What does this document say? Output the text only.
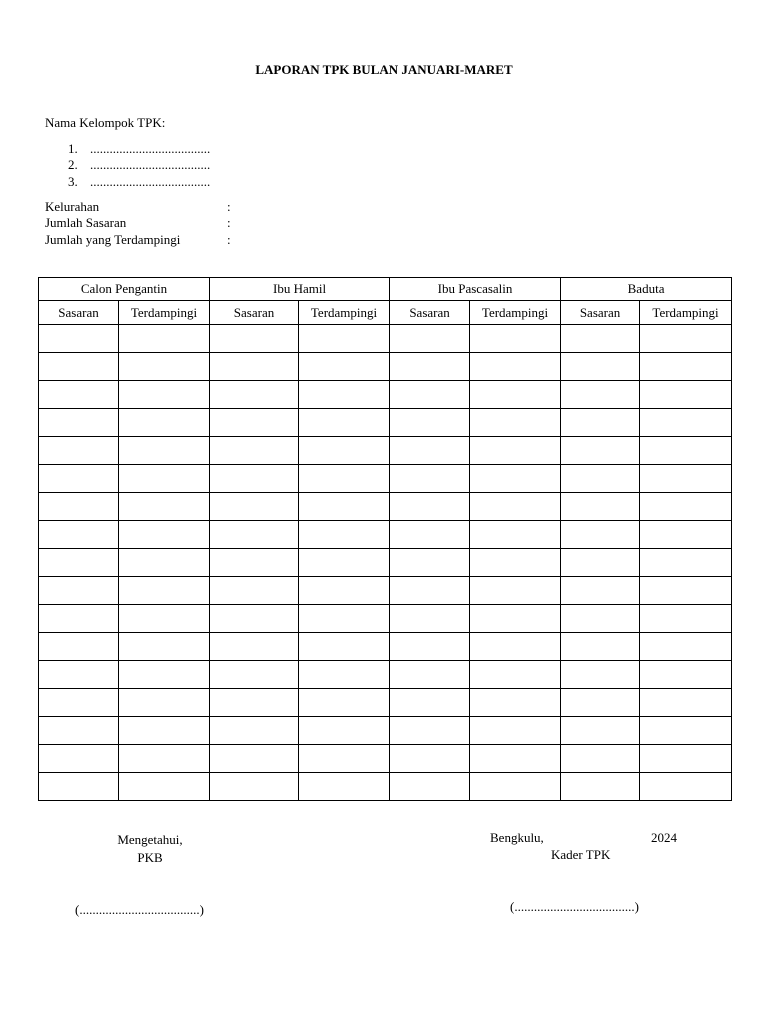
LAPORAN TPK BULAN JANUARI-MARET
Nama Kelompok TPK:
1. .....................................
2. .....................................
3. .....................................
Kelurahan	:
Jumlah Sasaran	:
Jumlah yang Terdampingi	:
Calon Pengantin		Ibu Hamil		Ibu Pascasalin		Baduta	
Sasaran	Terdampingi	Sasaran	Terdampingi	Sasaran	Terdampingi	Sasaran	Terdampingi

Mengetahui,
PKB
(.....................................)
Bengkulu,	2024
Kader TPK
(.....................................)
